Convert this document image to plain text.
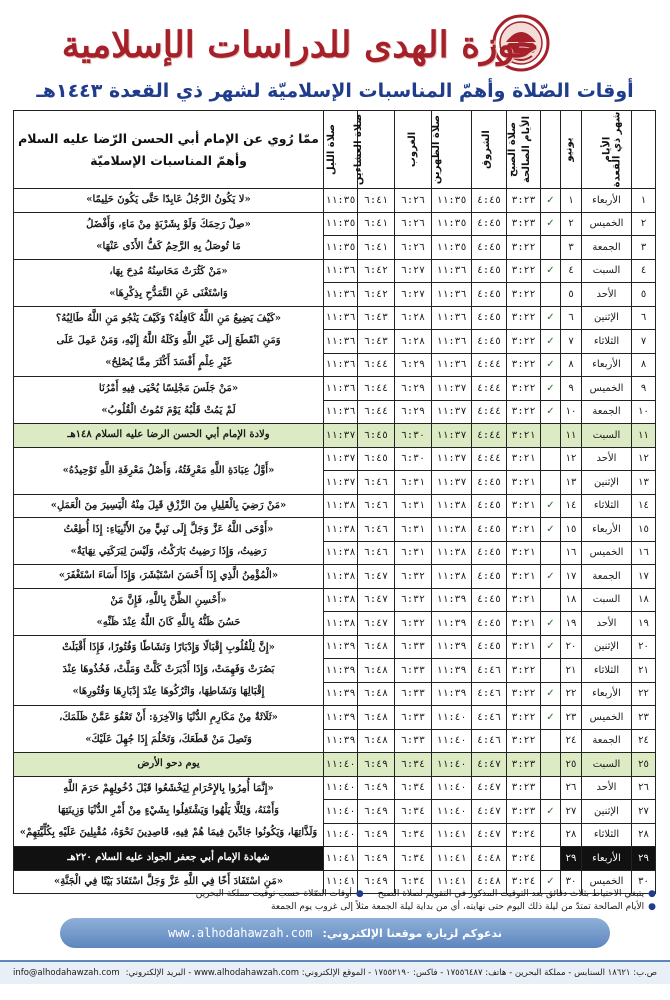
حوزة الهدى للدراسات الإسلامية
أوقات الصّلاة وأهمّ المناسبات الإسلاميّة لشهر ذي القعدة ١٤٤٣هـ
شهر ذي القعدة	الأيام	يونيو	الأيام الصالحة	صلاة الصبح	الشروق	صلاة الظهرين	الغروب	صلاة العشاءين	صلاة الليل	ممّا رُوي عن الإمام أبي الحسن الرّضا عليه السلام
وأهمّ المناسبات الإسلاميّة

١	الأربعاء	١	✓	٣:٢٣	٤:٤٥	١١:٣٥	٦:٢٦	٦:٤١	١١:٣٥	«لا يَكُونُ الرَّجُلُ عَابِدًا حَتَّى يَكُونَ حَلِيمًا»

٢	الخميس	٢	✓	٣:٢٣	٤:٤٥	١١:٣٥	٦:٢٦	٦:٤١	١١:٣٥	«صِلْ رَحِمَكَ وَلَوْ بِشَرْبَةٍ مِنْ مَاءٍ، وَأَفْضَلُ
مَا تُوصَلُ بِهِ الرَّحِمُ كَفُّ الأَذَى عَنْهَا»

٣	الجمعة	٣		٣:٢٢	٤:٤٥	١١:٣٥	٦:٢٦	٦:٤١	١١:٣٥	
٤	السبت	٤	✓	٣:٢٢	٤:٤٥	١١:٣٦	٦:٢٧	٦:٤٢	١١:٣٦	«مَنْ كَثُرَتْ مَحَاسِنُهُ مُدِحَ بِهَا،
وَاسْتَغْنَى عَنِ التَّمَدُّحِ بِذِكْرِهَا»

٥	الأحد	٥		٣:٢٢	٤:٤٥	١١:٣٦	٦:٢٧	٦:٤٢	١١:٣٦	
٦	الإثنين	٦	✓	٣:٢٢	٤:٤٥	١١:٣٦	٦:٢٨	٦:٤٣	١١:٣٦	«كَيْفَ يَضِيعُ مَنِ اللَّهُ كَافِلُهُ؟ وَكَيْفَ يَنْجُو مَنِ اللَّهُ طَالِبُهُ؟
وَمَنِ انْقَطَعَ إِلَى غَيْرِ اللَّهِ وَكَلَهُ اللَّهُ إِلَيْهِ، وَمَنْ عَمِلَ عَلَى
غَيْرِ عِلْمٍ أَفْسَدَ أَكْثَرَ مِمَّا يُصْلِحُ»

٧	الثلاثاء	٧	✓	٣:٢٢	٤:٤٥	١١:٣٦	٦:٢٨	٦:٤٣	١١:٣٦	
٨	الأربعاء	٨	✓	٣:٢٢	٤:٤٤	١١:٣٦	٦:٢٩	٦:٤٤	١١:٣٦	
٩	الخميس	٩	✓	٣:٢٢	٤:٤٤	١١:٣٧	٦:٢٩	٦:٤٤	١١:٣٦	«مَنْ جَلَسَ مَجْلِسًا يُحْيَى فِيهِ أَمْرُنَا
لَمْ يَمُتْ قَلْبُهُ يَوْمَ تَمُوتُ الْقُلُوبُ»

١٠	الجمعة	١٠	✓	٣:٢٢	٤:٤٤	١١:٣٧	٦:٢٩	٦:٤٤	١١:٣٦	
١١	السبت	١١		٣:٢١	٤:٤٤	١١:٣٧	٦:٣٠	٦:٤٥	١١:٣٧	ولادة الإمام أبي الحسن الرضا عليه السلام ١٤٨هـ

١٢	الأحد	١٢		٣:٢١	٤:٤٤	١١:٣٧	٦:٣٠	٦:٤٥	١١:٣٧	«أَوَّلُ عِبَادَةِ اللَّهِ مَعْرِفَتُهُ، وَأَصْلُ مَعْرِفَةِ اللَّهِ تَوْحِيدُهُ»

١٣	الإثنين	١٣		٣:٢١	٤:٤٥	١١:٣٧	٦:٣١	٦:٤٦	١١:٣٧	
١٤	الثلاثاء	١٤	✓	٣:٢١	٤:٤٥	١١:٣٨	٦:٣١	٦:٤٦	١١:٣٨	«مَنْ رَضِيَ بِالْقَلِيلِ مِنَ الرِّزْقِ قَبِلَ مِنْهُ الْيَسِيرَ مِنَ الْعَمَلِ»

١٥	الأربعاء	١٥	✓	٣:٢١	٤:٤٥	١١:٣٨	٦:٣١	٦:٤٦	١١:٣٨	«أَوْحَى اللَّهُ عَزَّ وَجَلَّ إِلَى نَبِيٍّ مِنَ الأَنْبِيَاءِ: إِذَا أُطِعْتُ
رَضِيتُ، وَإِذَا رَضِيتُ بَارَكْتُ، وَلَيْسَ لِبَرَكَتِي نِهَايَةٌ»

١٦	الخميس	١٦		٣:٢١	٤:٤٥	١١:٣٨	٦:٣١	٦:٤٦	١١:٣٨	
١٧	الجمعة	١٧	✓	٣:٢١	٤:٤٥	١١:٣٨	٦:٣٢	٦:٤٧	١١:٣٨	«الْمُؤْمِنُ الَّذِي إِذَا أَحْسَنَ اسْتَبْشَرَ، وَإِذَا أَسَاءَ اسْتَغْفَرَ»

١٨	السبت	١٨		٣:٢١	٤:٤٥	١١:٣٩	٦:٣٢	٦:٤٧	١١:٣٨	«أَحْسِنِ الظَّنَّ بِاللَّهِ، فَإِنَّ مَنْ
حَسُنَ ظَنُّهُ بِاللَّهِ كَانَ اللَّهُ عِنْدَ ظَنِّهِ»

١٩	الأحد	١٩	✓	٣:٢١	٤:٤٥	١١:٣٩	٦:٣٢	٦:٤٧	١١:٣٨	
٢٠	الإثنين	٢٠	✓	٣:٢١	٤:٤٥	١١:٣٩	٦:٣٣	٦:٤٨	١١:٣٩	«إِنَّ لِلْقُلُوبِ إِقْبَالًا وَإِدْبَارًا وَنَشَاطًا وَفُتُورًا، فَإِذَا أَقْبَلَتْ
بَصُرَتْ وَفَهِمَتْ، وَإِذَا أَدْبَرَتْ كَلَّتْ وَمَلَّتْ، فَخُذُوهَا عِنْدَ
إِقْبَالِهَا وَنَشَاطِهَا، وَاتْرُكُوهَا عِنْدَ إِدْبَارِهَا وَفُتُورِهَا»

٢١	الثلاثاء	٢١		٣:٢٢	٤:٤٦	١١:٣٩	٦:٣٣	٦:٤٨	١١:٣٩	
٢٢	الأربعاء	٢٢	✓	٣:٢٢	٤:٤٦	١١:٣٩	٦:٣٣	٦:٤٨	١١:٣٩	
٢٣	الخميس	٢٣	✓	٣:٢٢	٤:٤٦	١١:٤٠	٦:٣٣	٦:٤٨	١١:٣٩	«ثَلَاثَةٌ مِنْ مَكَارِمِ الدُّنْيَا وَالآخِرَةِ: أَنْ تَعْفُوَ عَمَّنْ ظَلَمَكَ،
وَتَصِلَ مَنْ قَطَعَكَ، وَتَحْلُمَ إِذَا جُهِلَ عَلَيْكَ»

٢٤	الجمعة	٢٤		٣:٢٢	٤:٤٦	١١:٤٠	٦:٣٣	٦:٤٨	١١:٣٩	
٢٥	السبت	٢٥		٣:٢٣	٤:٤٧	١١:٤٠	٦:٣٤	٦:٤٩	١١:٤٠	يوم دحو الأرض

٢٦	الأحد	٢٦		٣:٢٣	٤:٤٧	١١:٤٠	٦:٣٤	٦:٤٩	١١:٤٠	«إِنَّمَا أُمِرُوا بِالإِحْرَامِ لِيَخْشَعُوا قَبْلَ دُخُولِهِمْ حَرَمَ اللَّهِ
وَأَمْنَهُ، وَلِئَلَّا يَلْهُوا وَيَشْتَغِلُوا بِشَيْءٍ مِنْ أَمْرِ الدُّنْيَا وَزِينَتِهَا
وَلَذَّاتِهَا، وَيَكُونُوا جَادِّينَ فِيمَا هُمْ فِيهِ، قَاصِدِينَ نَحْوَهُ، مُقْبِلِينَ عَلَيْهِ بِكُلِّيَّتِهِمْ»

٢٧	الإثنين	٢٧	✓	٣:٢٣	٤:٤٧	١١:٤٠	٦:٣٤	٦:٤٩	١١:٤٠	
٢٨	الثلاثاء	٢٨		٣:٢٤	٤:٤٧	١١:٤١	٦:٣٤	٦:٤٩	١١:٤٠	
٢٩	الأربعاء	٢٩		٣:٢٤	٤:٤٨	١١:٤١	٦:٣٤	٦:٤٩	١١:٤١	شهادة الإمام أبي جعفر الجواد عليه السلام ٢٢٠هـ

٣٠	الخميس	٣٠	✓	٣:٢٤	٤:٤٨	١١:٤١	٦:٣٤	٦:٤٩	١١:٤١	«مَنِ اسْتَفَادَ أَخًا فِي اللَّهِ عَزَّ وَجَلَّ اسْتَفَادَ بَيْتًا فِي الْجَنَّةِ»
●يتبغي الاحتياط بثلاث دقائق بعد التوقيت المذكور في التقويم لصلاة الصبح
●أوقات الصّلاة حسب توقيت مملكة البحرين
●الأيام الصالحة تمتدّ من ليلة ذلك اليوم حتى نهايته، أي من بداية ليلة الجمعة مثلاً إلى غروب يوم الجمعة
ندعوكم لزيارة موقعنا الإلكتروني:
www.alhodahawzah.com
ص.ب: ١٨٦٢١ السنابس - مملكة البحرين - هاتف: ١٧٥٥٦٤٨٧ - فاكس: ١٧٥٥٢١٩٠ - الموقع الإلكتروني: www.alhodahawzah.com - البريد الإلكتروني:
info@alhodahawzah.com
